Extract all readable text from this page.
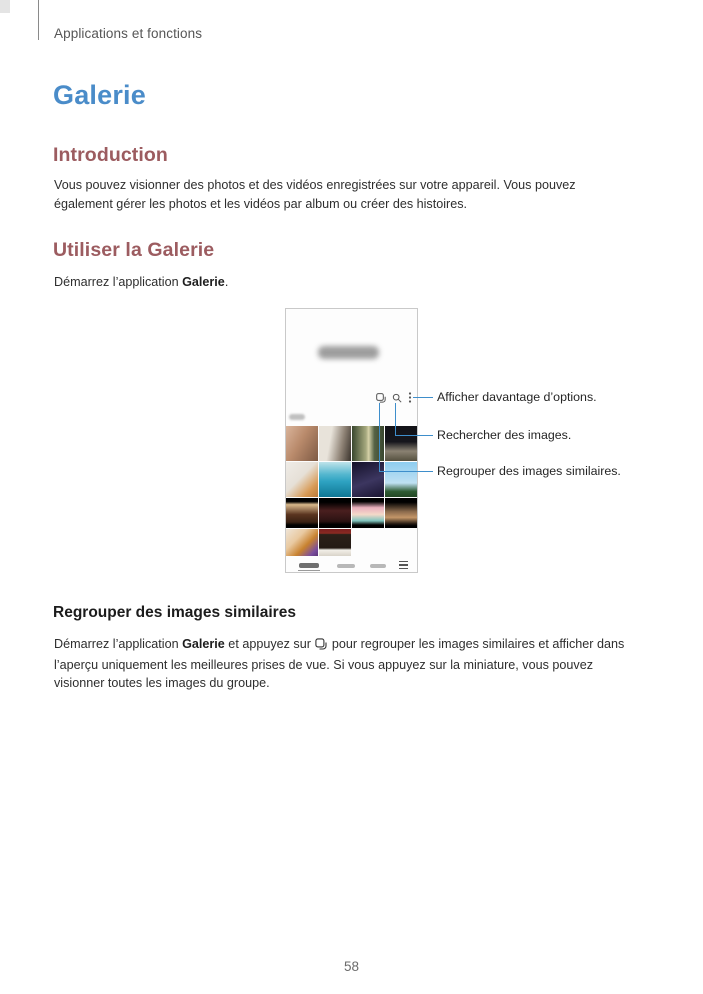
Applications et fonctions
Galerie
Introduction
Vous pouvez visionner des photos et des vidéos enregistrées sur votre appareil. Vous pouvez également gérer les photos et les vidéos par album ou créer des histoires.
Utiliser la Galerie
Démarrez l’application Galerie.
Afficher davantage d’options.
Rechercher des images.
Regrouper des images similaires.
Regrouper des images similaires
Démarrez l’application Galerie et appuyez sur  pour regrouper les images similaires et afficher dans l’aperçu uniquement les meilleures prises de vue. Si vous appuyez sur la miniature, vous pouvez visionner toutes les images du groupe.
58
